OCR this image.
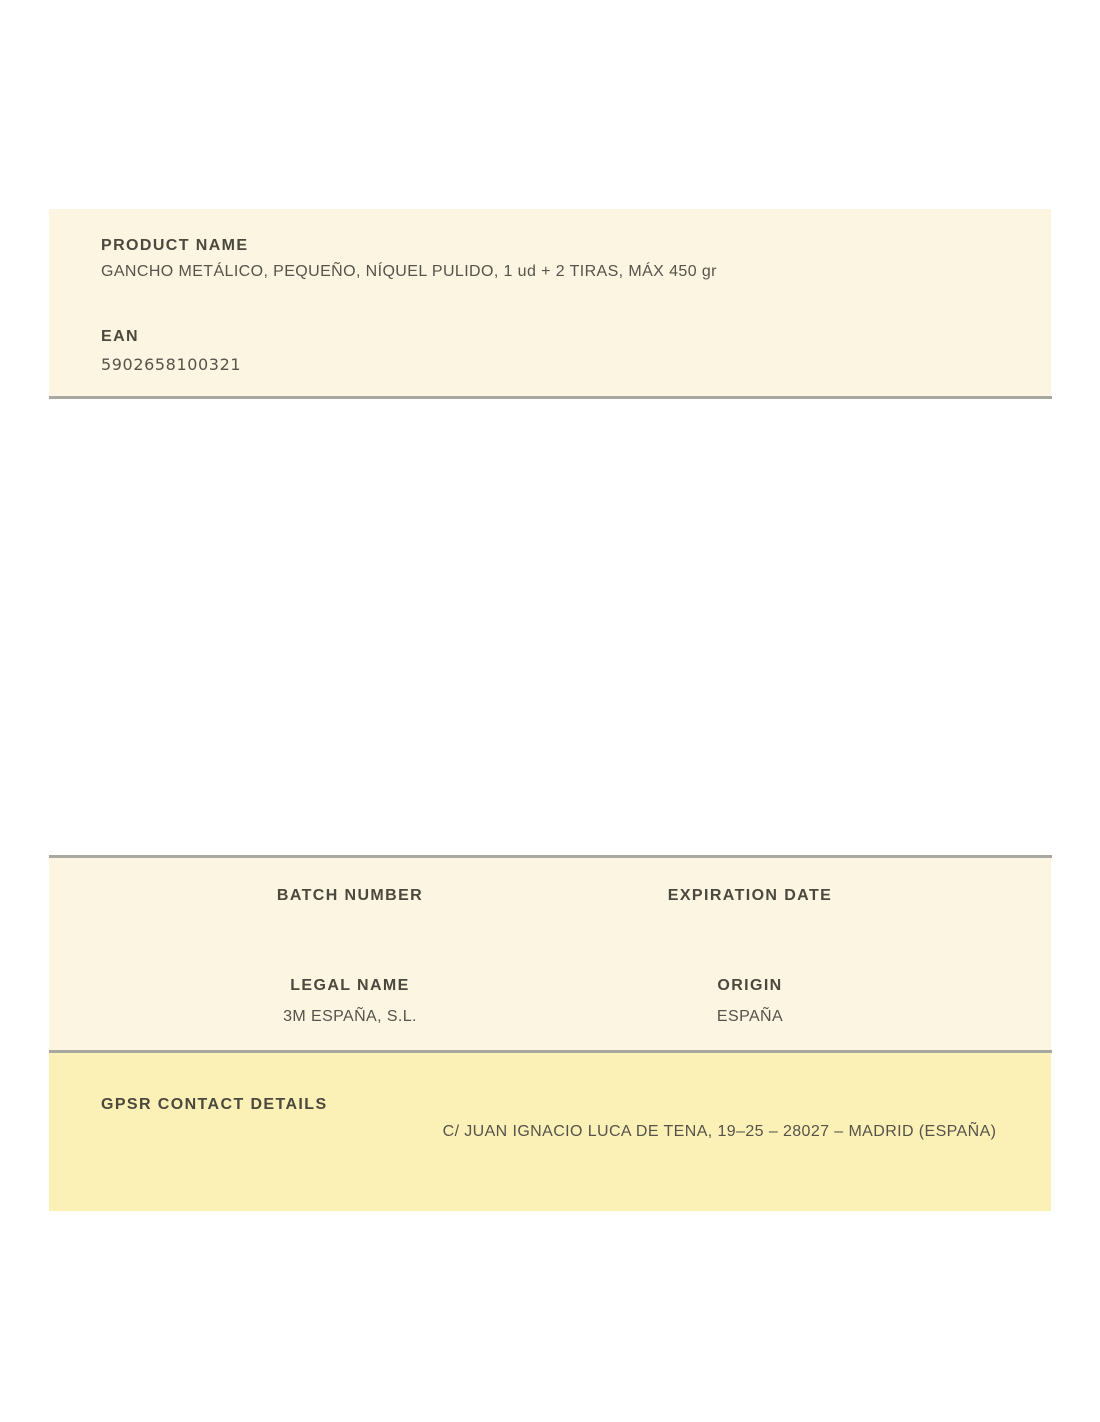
PRODUCT NAME
GANCHO METÁLICO, PEQUEÑO, NÍQUEL PULIDO, 1 ud + 2 TIRAS, MÁX 450 gr
EAN
5902658100321
BATCH NUMBER	EXPIRATION DATE
LEGAL NAME
3M ESPAÑA, S.L.
ORIGIN
ESPAÑA
GPSR CONTACT DETAILS
C/ JUAN IGNACIO LUCA DE TENA, 19–25 – 28027 – MADRID (ESPAÑA)
